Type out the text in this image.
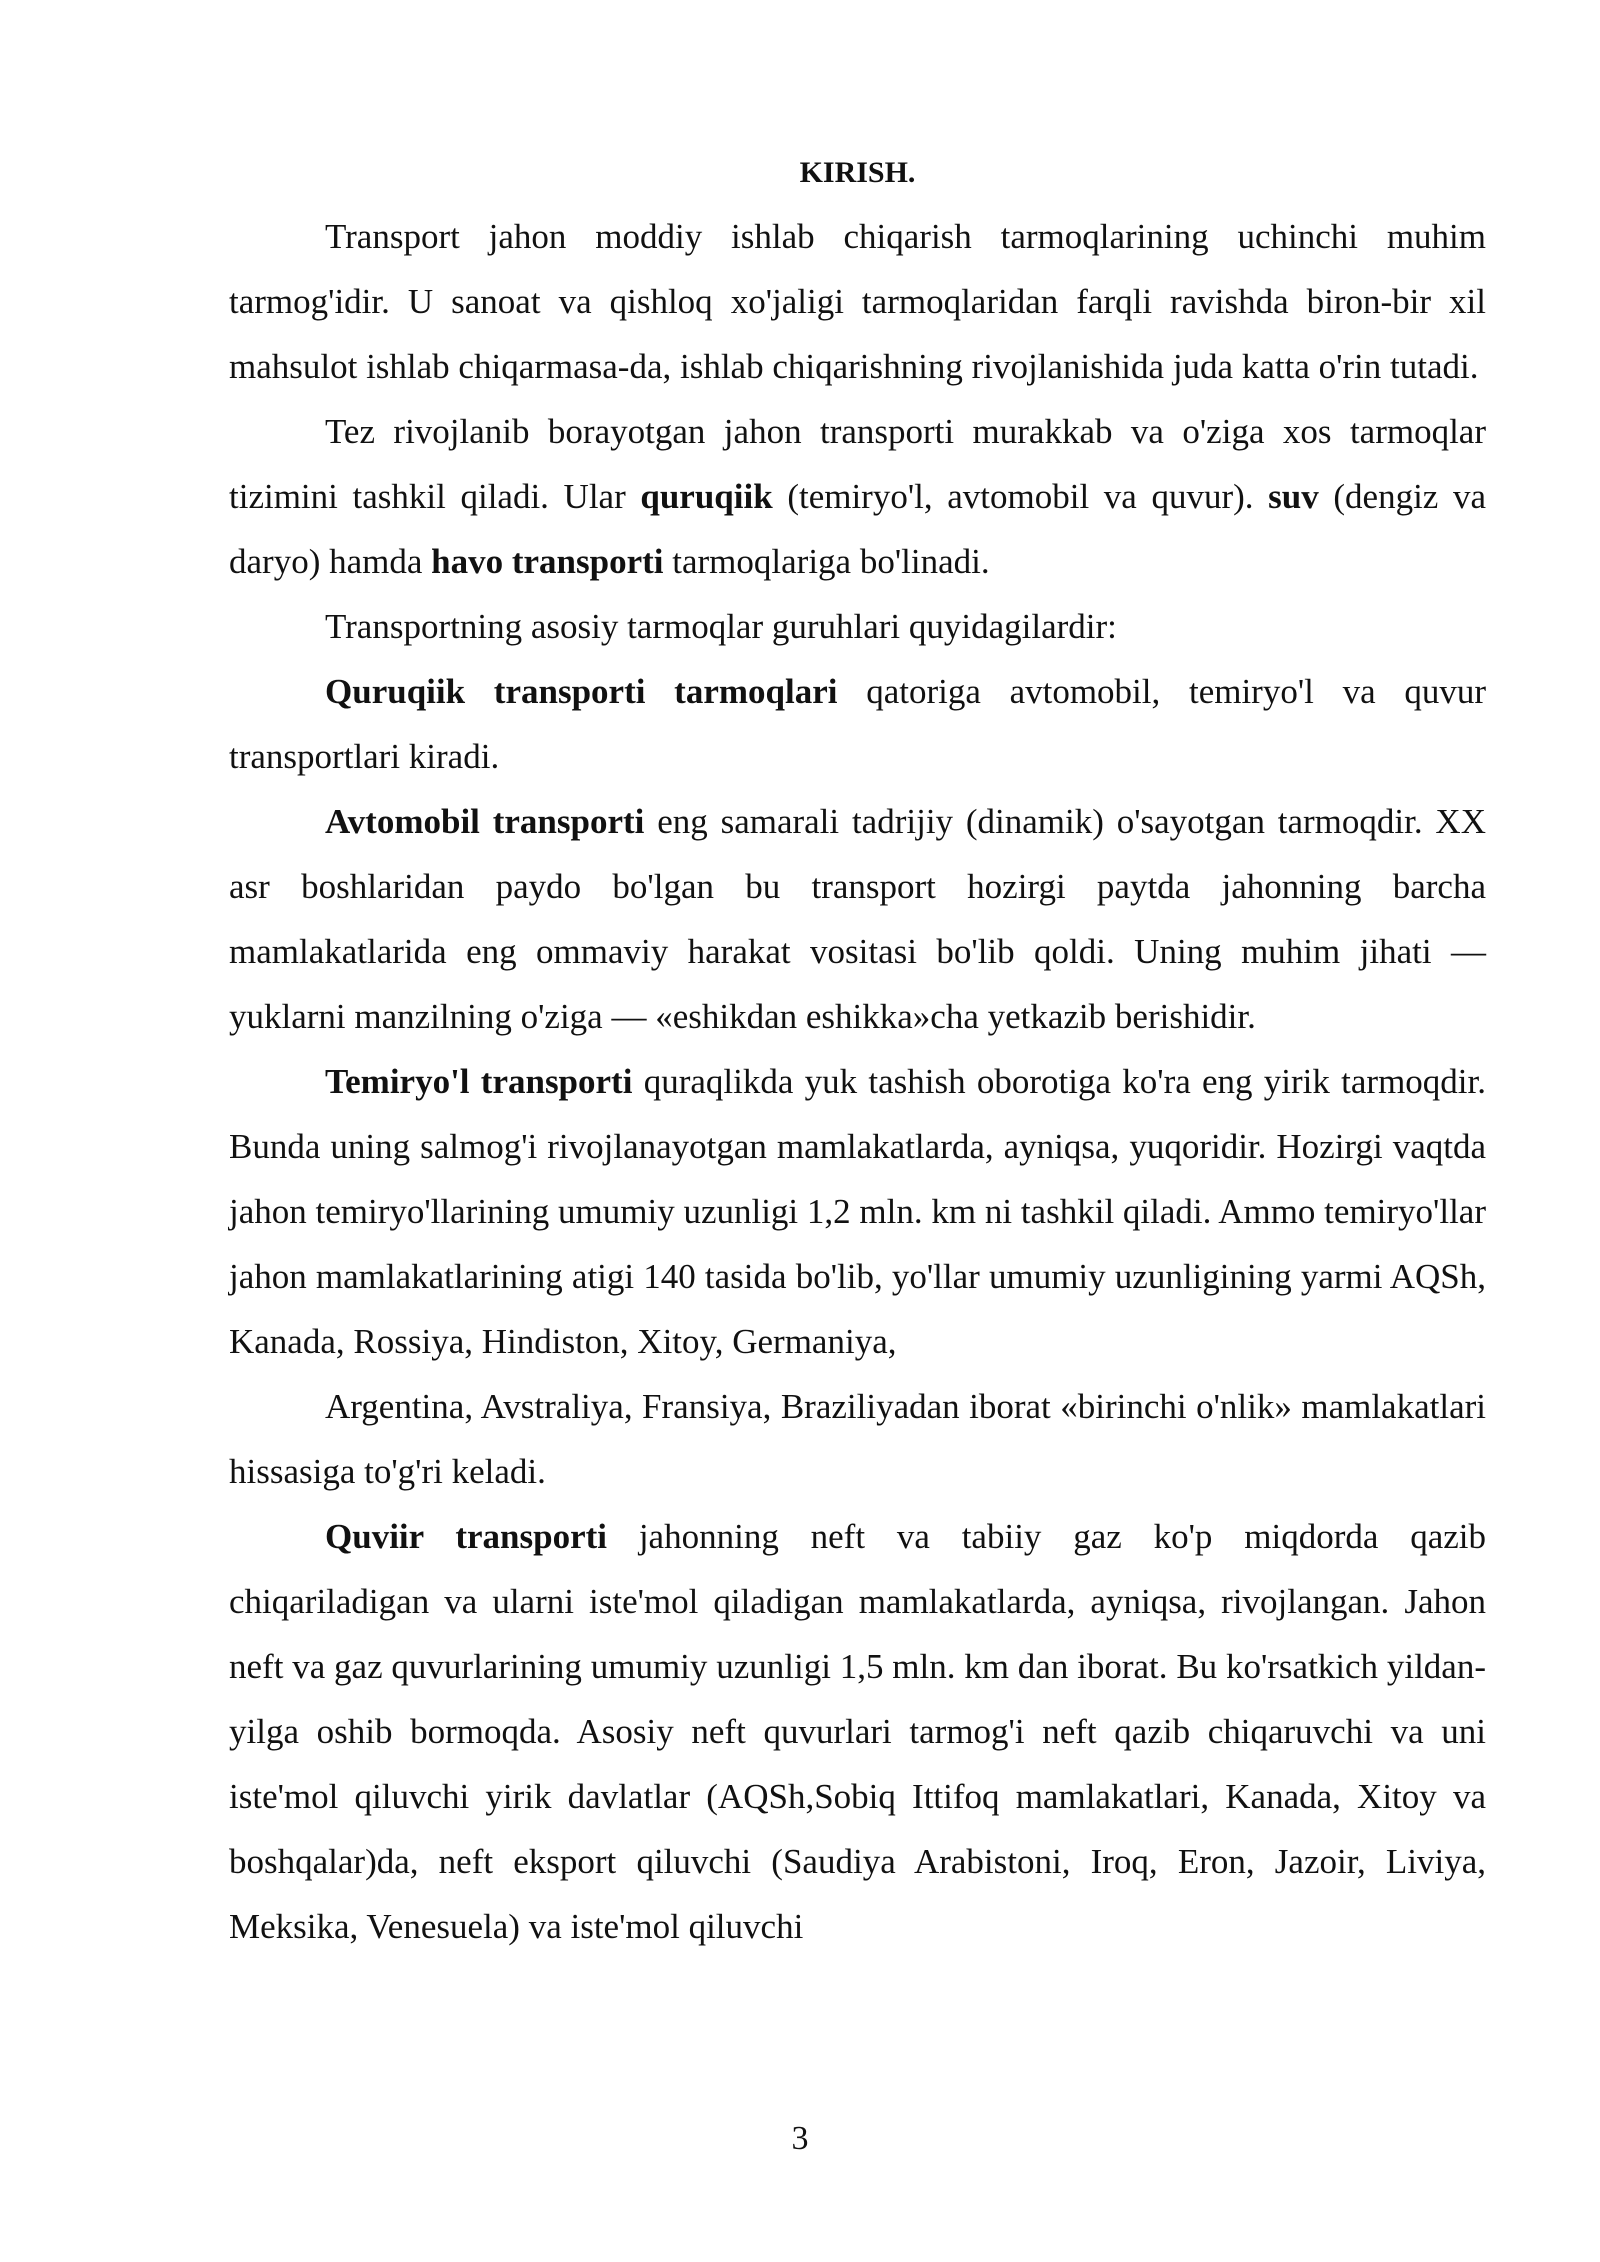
KIRISH.

Transport jahon moddiy ishlab chiqarish tarmoqlarining uchinchi muhim tarmog'idir. U sanoat va qishloq xo'jaligi tarmoqlaridan farqli ravishda biron-bir xil mahsulot ishlab chiqarmasa-da, ishlab chiqarishning rivojlanishida juda katta o'rin tutadi.

Tez rivojlanib borayotgan jahon transporti murakkab va o'ziga xos tarmoqlar tizimini tashkil qiladi. Ular quruqiik (temiryo'l, avtomobil va quvur). suv (dengiz va daryo) hamda havo transporti tarmoqlariga bo'linadi.

Transportning asosiy tarmoqlar guruhlari quyidagilardir:

Quruqiik transporti tarmoqlari qatoriga avtomobil, temiryo'l va quvur transportlari kiradi.

Avtomobil transporti eng samarali tadrijiy (dinamik) o'sayotgan tarmoqdir. XX asr boshlaridan paydo bo'lgan bu transport hozirgi paytda jahonning barcha mamlakatlarida eng ommaviy harakat vositasi bo'lib qoldi. Uning muhim jihati — yuklarni manzilning o'ziga — «eshikdan eshikka»cha yetkazib berishidir.

Temiryo'l transporti quraqlikda yuk tashish oborotiga ko'ra eng yirik tarmoqdir. Bunda uning salmog'i rivojlanayotgan mamlakatlarda, ayniqsa, yuqoridir. Hozirgi vaqtda jahon temiryo'llarining umumiy uzunligi 1,2 mln. km ni tashkil qiladi. Ammo temiryo'llar jahon mamlakatlarining atigi 140 tasida bo'lib, yo'llar umumiy uzunligining yarmi AQSh, Kanada, Rossiya, Hindiston, Xitoy, Germaniya,

Argentina, Avstraliya, Fransiya, Braziliyadan iborat «birinchi o'nlik» mamlakatlari hissasiga to'g'ri keladi.

Quviir transporti jahonning neft va tabiiy gaz ko'p miqdorda qazib chiqariladigan va ularni iste'mol qiladigan mamlakatlarda, ayniqsa, rivojlangan. Jahon neft va gaz quvurlarining umumiy uzunligi 1,5 mln. km dan iborat. Bu ko'rsatkich yildan-yilga oshib bormoqda. Asosiy neft quvurlari tarmog'i neft qazib chiqaruvchi va uni iste'mol qiluvchi yirik davlatlar (AQSh,Sobiq Ittifoq mamlakatlari, Kanada, Xitoy va boshqalar)da, neft eksport qiluvchi (Saudiya Arabistoni, Iroq, Eron, Jazoir, Liviya, Meksika, Venesuela) va iste'mol qiluvchi

3
